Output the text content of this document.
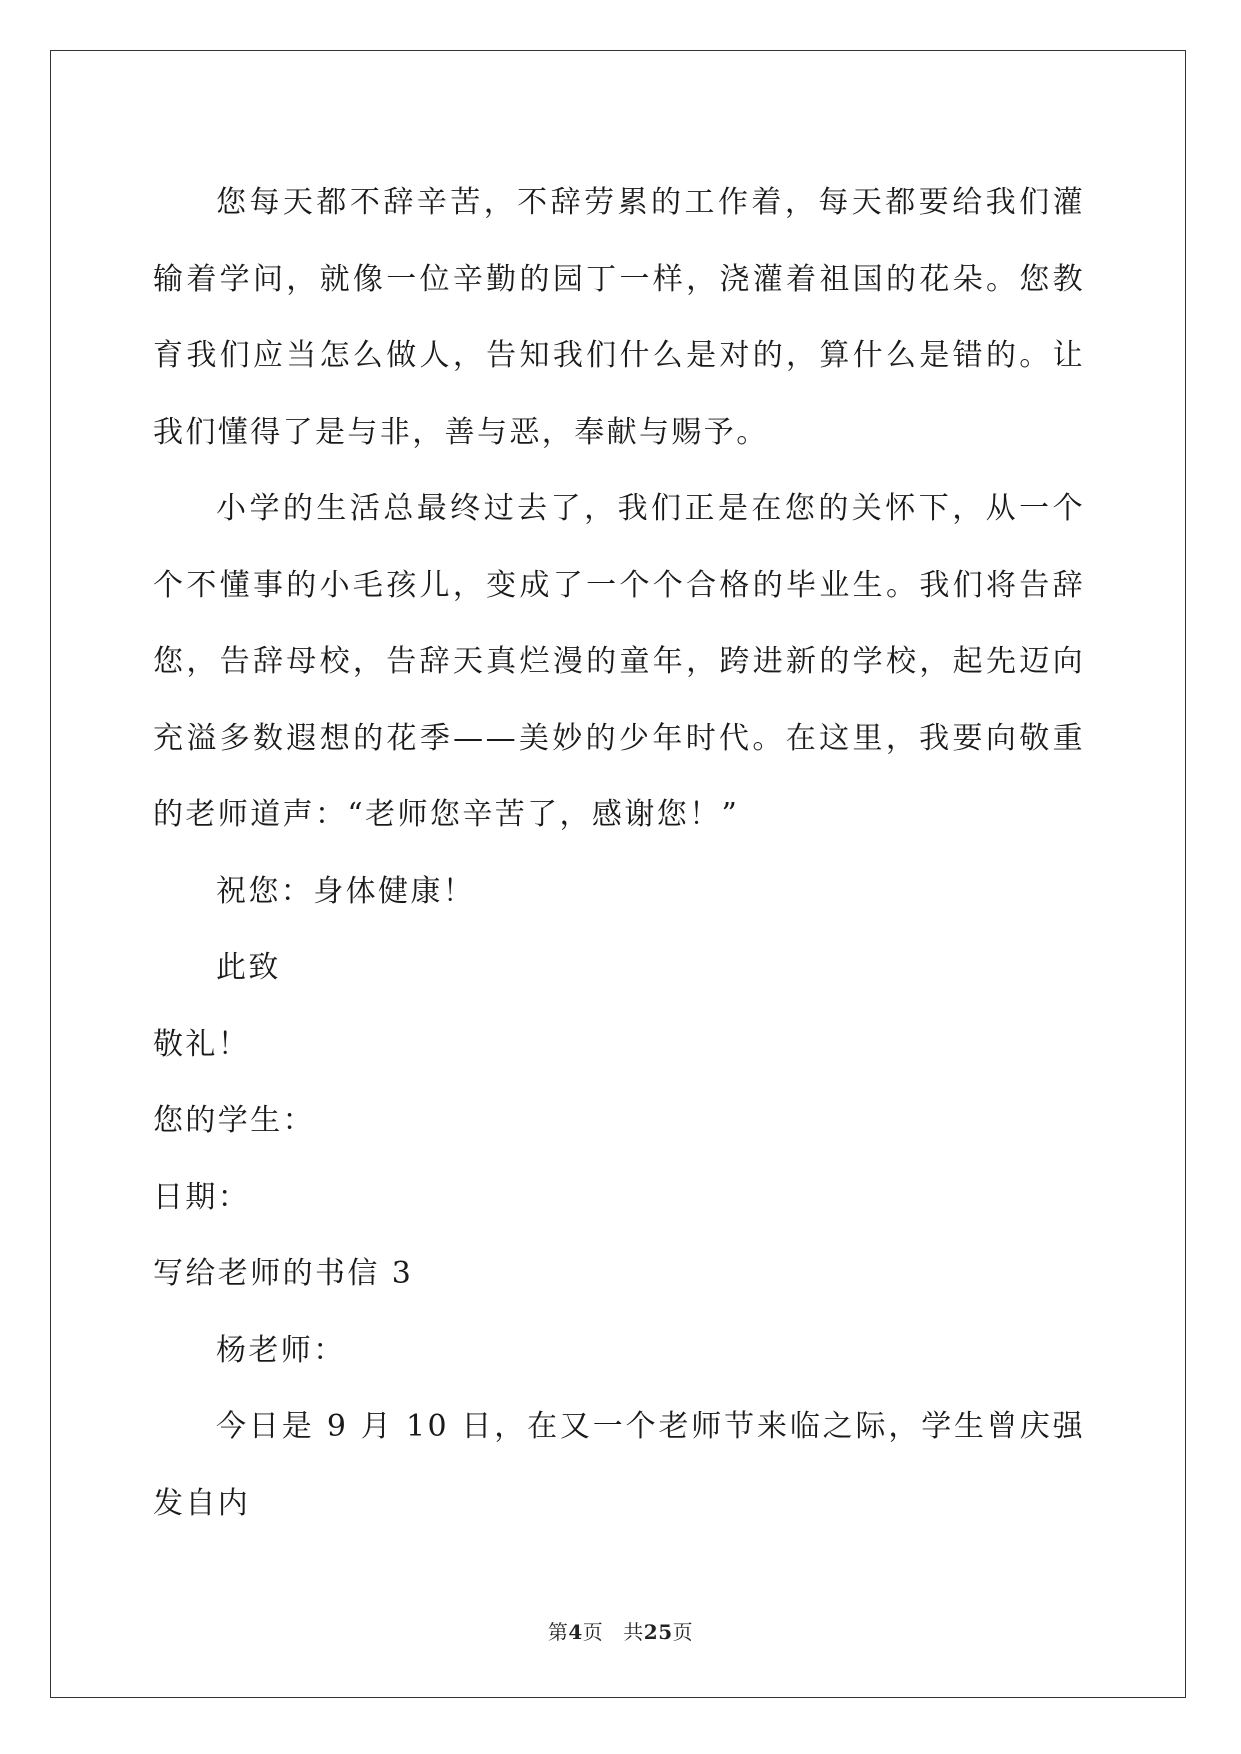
您每天都不辞辛苦，不辞劳累的工作着，每天都要给我们灌输着学问，就像一位辛勤的园丁一样，浇灌着祖国的花朵。您教育我们应当怎么做人，告知我们什么是对的，算什么是错的。让我们懂得了是与非，善与恶，奉献与赐予。

小学的生活总最终过去了，我们正是在您的关怀下，从一个个不懂事的小毛孩儿，变成了一个个合格的毕业生。我们将告辞您，告辞母校，告辞天真烂漫的童年，跨进新的学校，起先迈向充溢多数遐想的花季——美妙的少年时代。在这里，我要向敬重的老师道声：“老师您辛苦了，感谢您！”

祝您：身体健康！

此致

敬礼！

您的学生：

日期：

写给老师的书信 3

杨老师：

今日是 9 月 10 日，在又一个老师节来临之际，学生曾庆强发自内

第4页 共25页
